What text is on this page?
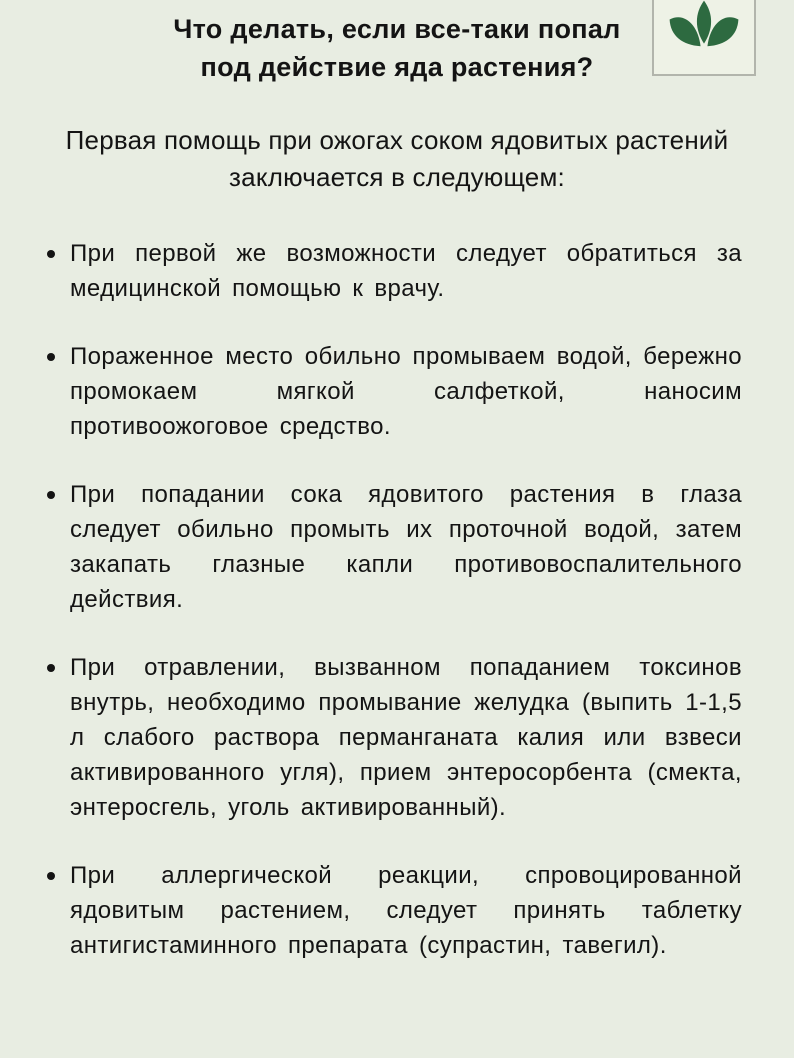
Что делать, если все-таки попал
под действие яда растения?
Первая помощь при ожогах соком ядовитых растений
заключается в следующем:
При первой же возможности следует обратиться за медицинской помощью к врачу.
Пораженное место обильно промываем водой, бережно промокаем мягкой салфеткой, наносим противоожоговое средство.
При попадании сока ядовитого растения в глаза следует обильно промыть их проточной водой, затем закапать глазные капли противовоспалительного действия.
При отравлении, вызванном попаданием токсинов внутрь, необходимо промывание желудка (выпить 1-1,5 л слабого раствора перманганата калия или взвеси активированного угля), прием энтеросорбента (смекта, энтеросгель, уголь активированный).
При аллергической реакции, спровоцированной ядовитым растением, следует принять таблетку антигистаминного препарата (супрастин, тавегил).
